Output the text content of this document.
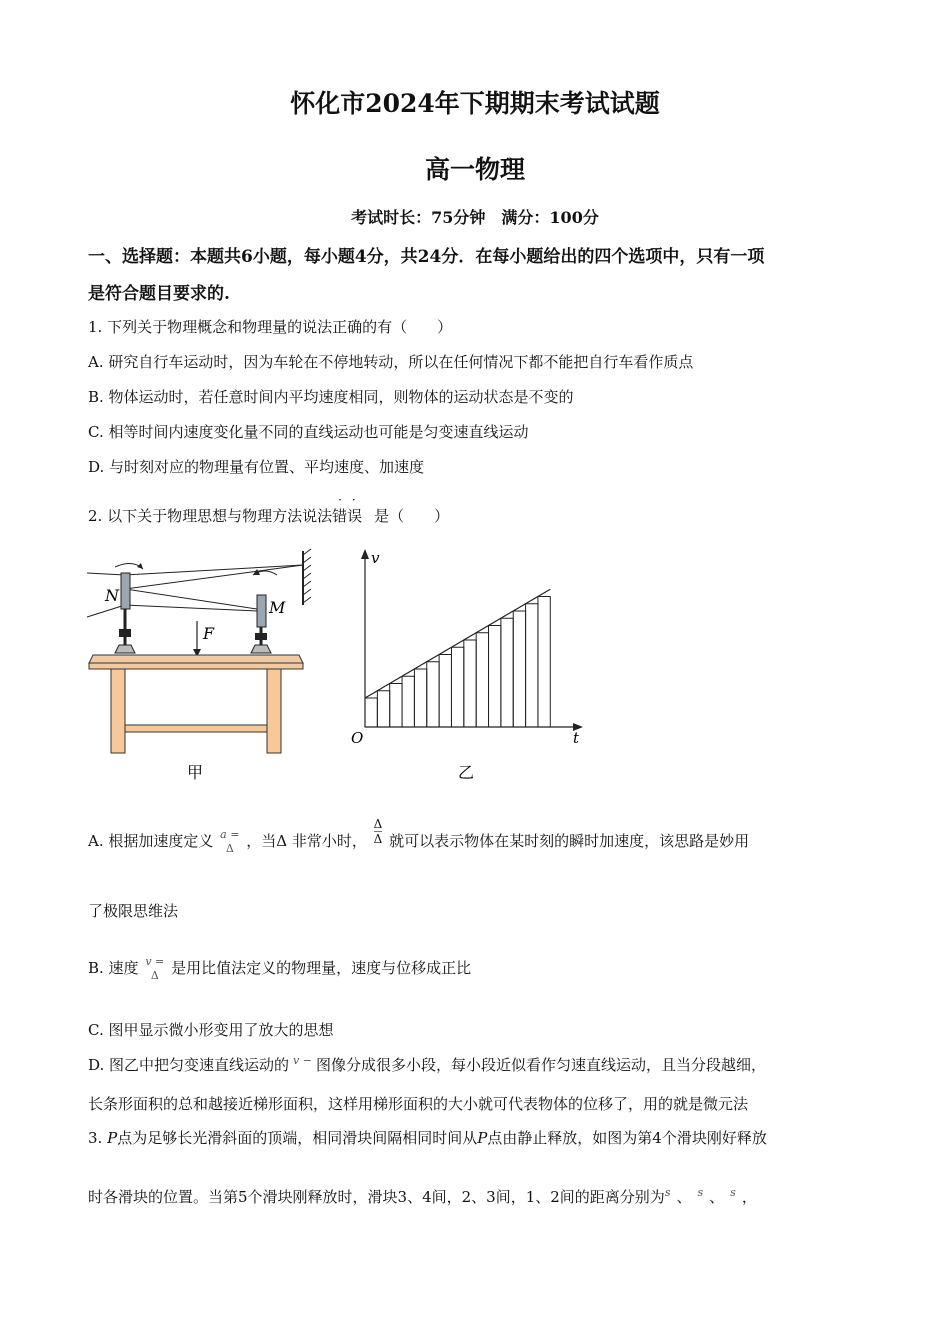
怀化市2024年下期期末考试试题
高一物理
考试时长：75分钟　满分：100分
一、选择题：本题共6小题，每小题4分，共24分．在每小题给出的四个选项中，只有一项
是符合题目要求的.
1. 下列关于物理概念和物理量的说法正确的有（　　）
A. 研究自行车运动时，因为车轮在不停地转动，所以在任何情况下都不能把自行车看作质点
B. 物体运动时，若任意时间内平均速度相同，则物体的运动状态是不变的
C. 相等时间内速度变化量不同的直线运动也可能是匀变速直线运动
D. 与时刻对应的物理量有位置、平均速度、加速度
2. 以下关于物理思想与物理方法说法
··
错误 是（　　）
N
M
F
甲
v
t
O
乙
A. 根据加速度定义 a =
Δ ，当Δ 非常小时， $\frac{\Delta}{\Delta}$ 就可以表示物体在某时刻的瞬时加速度，该思路是妙用
了极限思维法
B. 速度 v =
Δ 是用比值法定义的物理量，速度与位移成正比
C. 图甲显示微小形变用了放大的思想
D. 图乙中把匀变速直线运动的 $^{v -}$ 图像分成很多小段，每小段近似看作匀速直线运动，且当分段越细，
长条形面积的总和越接近梯形面积，这样用梯形面积的大小就可代表物体的位移了，用的就是微元法
3. P点为足够长光滑斜面的顶端，相同滑块间隔相同时间从P点由静止释放，如图为第4个滑块刚好释放
时各滑块的位置。当第5个滑块刚释放时，滑块3、4间，2、3间，1、2间的距离分别为$^s$ 、 $^s$ 、 $^s$ ，
